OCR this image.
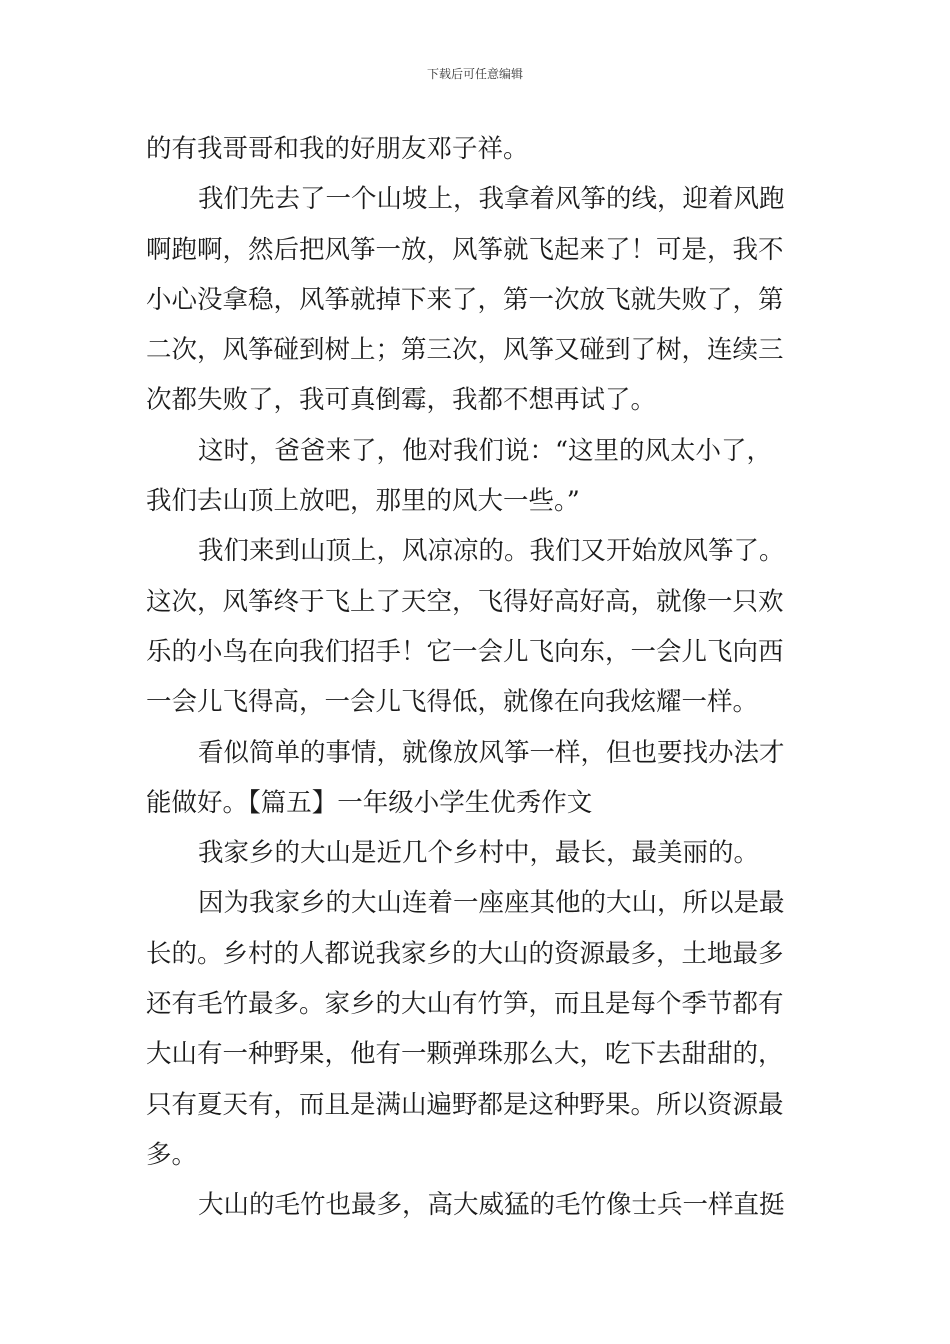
下载后可任意编辑
的有我哥哥和我的好朋友邓子祥。
我们先去了一个山坡上，我拿着风筝的线，迎着风跑
啊跑啊，然后把风筝一放，风筝就飞起来了！可是，我不
小心没拿稳，风筝就掉下来了，第一次放飞就失败了，第
二次，风筝碰到树上；第三次，风筝又碰到了树，连续三
次都失败了，我可真倒霉，我都不想再试了。
这时，爸爸来了，他对我们说：“这里的风太小了，
我们去山顶上放吧，那里的风大一些。”
我们来到山顶上，风凉凉的。我们又开始放风筝了。
这次，风筝终于飞上了天空，飞得好高好高，就像一只欢
乐的小鸟在向我们招手！它一会儿飞向东，一会儿飞向西
一会儿飞得高，一会儿飞得低，就像在向我炫耀一样。
看似简单的事情，就像放风筝一样，但也要找办法才
能做好。【篇五】一年级小学生优秀作文
我家乡的大山是近几个乡村中，最长，最美丽的。
因为我家乡的大山连着一座座其他的大山，所以是最
长的。乡村的人都说我家乡的大山的资源最多，土地最多
还有毛竹最多。家乡的大山有竹笋，而且是每个季节都有
大山有一种野果，他有一颗弹珠那么大，吃下去甜甜的，
只有夏天有，而且是满山遍野都是这种野果。所以资源最
多。
大山的毛竹也最多，高大威猛的毛竹像士兵一样直挺
